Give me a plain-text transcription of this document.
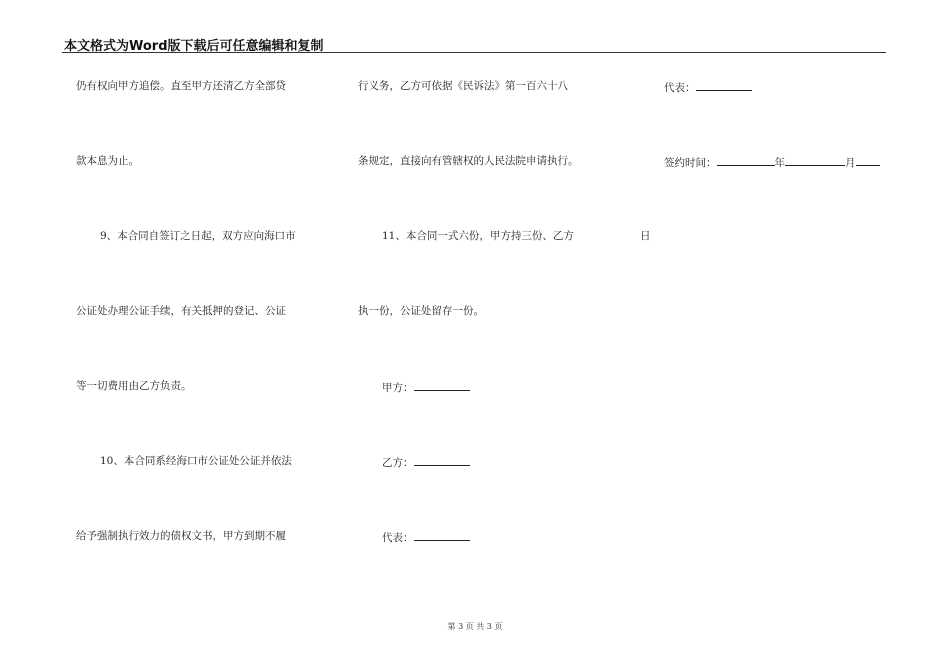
本文格式为Word版下载后可任意编辑和复制
仍有权向甲方追偿。直至甲方还清乙方全部贷
款本息为止。
9、本合同自签订之日起，双方应向海口市
公证处办理公证手续，有关抵押的登记、公证
等一切费用由乙方负责。
10、本合同系经海口市公证处公证并依法
给予强制执行效力的债权文书，甲方到期不履
行义务，乙方可依据《民诉法》第一百六十八
条规定，直接向有管辖权的人民法院申请执行。
11、本合同一式六份，甲方持三份、乙方
执一份，公证处留存一份。
甲方：
乙方：
代表：
代表：
签约时间：	年	月
日
第 3 页 共 3 页
